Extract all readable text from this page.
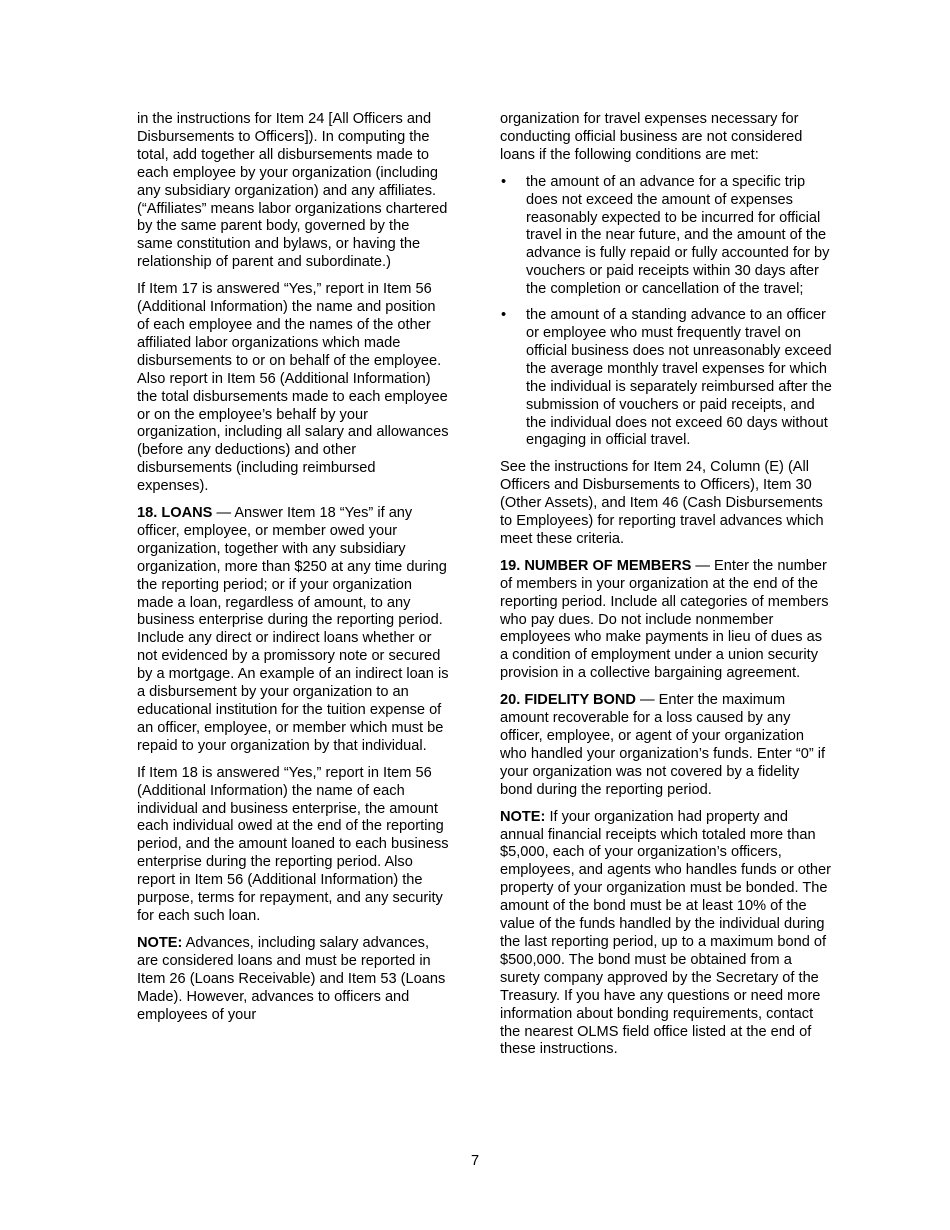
in the instructions for Item 24 [All Officers and Disbursements to Officers]). In computing the total, add together all disbursements made to each employee by your organization (including any subsidiary organization) and any affiliates. (“Affiliates” means labor organizations chartered by the same parent body, governed by the same constitution and bylaws, or having the relationship of parent and subordinate.)

If Item 17 is answered “Yes,” report in Item 56 (Additional Information) the name and position of each employee and the names of the other affiliated labor organizations which made disbursements to or on behalf of the employee. Also report in Item 56 (Additional Information) the total disbursements made to each employee or on the employee’s behalf by your organization, including all salary and allowances (before any deductions) and other disbursements (including reimbursed expenses).

18. LOANS — Answer Item 18 “Yes” if any officer, employee, or member owed your organization, together with any subsidiary organization, more than $250 at any time during the reporting period; or if your organization made a loan, regardless of amount, to any business enterprise during the reporting period. Include any direct or indirect loans whether or not evidenced by a promissory note or secured by a mortgage. An example of an indirect loan is a disbursement by your organization to an educational institution for the tuition expense of an officer, employee, or member which must be repaid to your organization by that individual.

If Item 18 is answered “Yes,” report in Item 56 (Additional Information) the name of each individual and business enterprise, the amount each individual owed at the end of the reporting period, and the amount loaned to each business enterprise during the reporting period. Also report in Item 56 (Additional Information) the purpose, terms for repayment, and any security for each such loan.

NOTE: Advances, including salary advances, are considered loans and must be reported in Item 26 (Loans Receivable) and Item 53 (Loans Made). However, advances to officers and employees of your

organization for travel expenses necessary for conducting official business are not considered loans if the following conditions are met:

• the amount of an advance for a specific trip does not exceed the amount of expenses reasonably expected to be incurred for official travel in the near future, and the amount of the advance is fully repaid or fully accounted for by vouchers or paid receipts within 30 days after the completion or cancellation of the travel;
• the amount of a standing advance to an officer or employee who must frequently travel on official business does not unreasonably exceed the average monthly travel expenses for which the individual is separately reimbursed after the submission of vouchers or paid receipts, and the individual does not exceed 60 days without engaging in official travel.

See the instructions for Item 24, Column (E) (All Officers and Disbursements to Officers), Item 30 (Other Assets), and Item 46 (Cash Disbursements to Employees) for reporting travel advances which meet these criteria.

19. NUMBER OF MEMBERS — Enter the number of members in your organization at the end of the reporting period. Include all categories of members who pay dues. Do not include nonmember employees who make payments in lieu of dues as a condition of employment under a union security provision in a collective bargaining agreement.

20. FIDELITY BOND — Enter the maximum amount recoverable for a loss caused by any officer, employee, or agent of your organization who handled your organization’s funds. Enter “0” if your organization was not covered by a fidelity bond during the reporting period.

NOTE: If your organization had property and annual financial receipts which totaled more than $5,000, each of your organization’s officers, employees, and agents who handles funds or other property of your organization must be bonded. The amount of the bond must be at least 10% of the value of the funds handled by the individual during the last reporting period, up to a maximum bond of $500,000. The bond must be obtained from a surety company approved by the Secretary of the Treasury. If you have any questions or need more information about bonding requirements, contact the nearest OLMS field office listed at the end of these instructions.

7
